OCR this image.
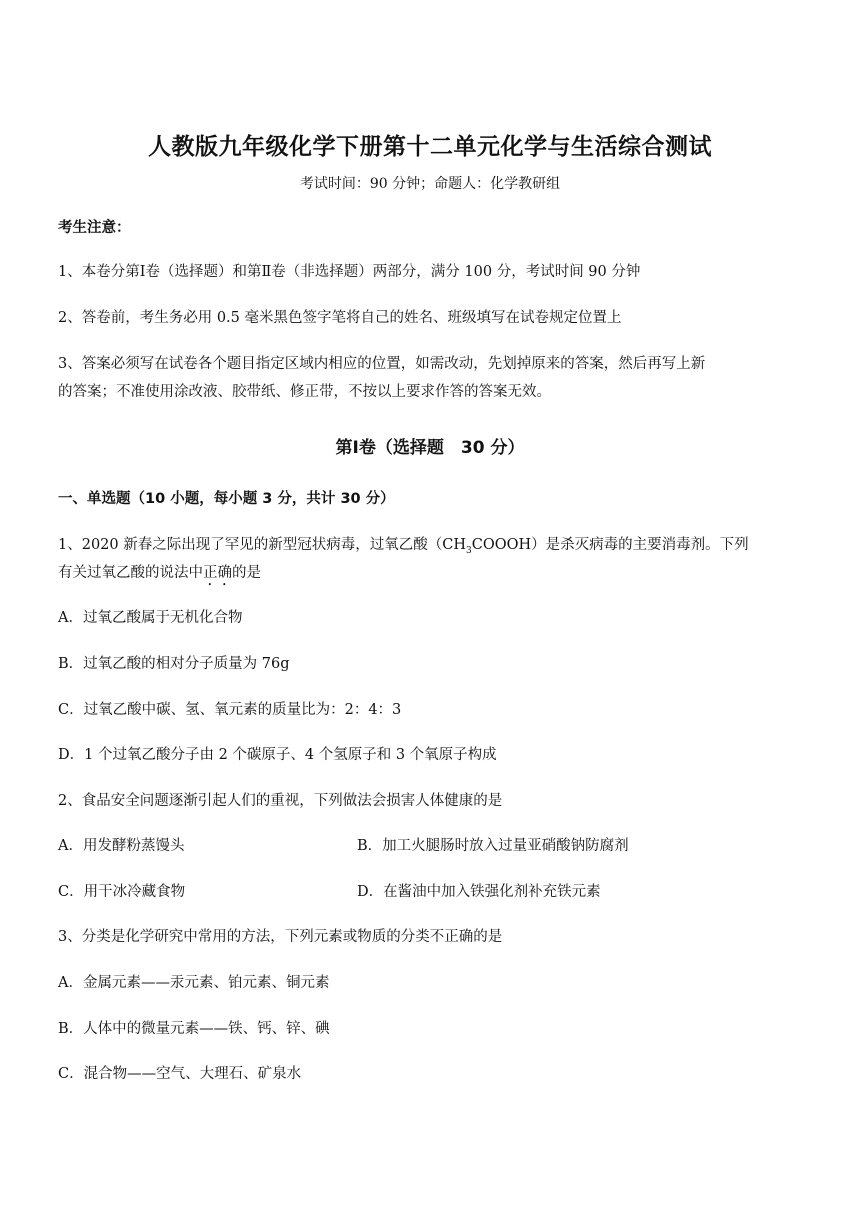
人教版九年级化学下册第十二单元化学与生活综合测试
考试时间：90 分钟；命题人：化学教研组
考生注意：
1、本卷分第Ⅰ卷（选择题）和第Ⅱ卷（非选择题）两部分，满分 100 分，考试时间 90 分钟
2、答卷前，考生务必用 0.5 毫米黑色签字笔将自己的姓名、班级填写在试卷规定位置上
3、答案必须写在试卷各个题目指定区域内相应的位置，如需改动，先划掉原来的答案，然后再写上新
的答案；不准使用涂改液、胶带纸、修正带，不按以上要求作答的答案无效。
第Ⅰ卷（选择题　30 分）
一、单选题（10 小题，每小题 3 分，共计 30 分）
1、2020 新春之际出现了罕见的新型冠状病毒，过氧乙酸$(CH_3COOOH)$是杀灭病毒的主要消毒剂。下列
有关过氧乙酸的说法中正确的是
A．过氧乙酸属于无机化合物
B．过氧乙酸的相对分子质量为 76g
C．过氧乙酸中碳、氢、氧元素的质量比为：2：4：3
D．1 个过氧乙酸分子由 2 个碳原子、4 个氢原子和 3 个氧原子构成
2、食品安全问题逐渐引起人们的重视，下列做法会损害人体健康的是
A．用发酵粉蒸馒头	B．加工火腿肠时放入过量亚硝酸钠防腐剂
C．用干冰冷藏食物	D．在酱油中加入铁强化剂补充铁元素
3、分类是化学研究中常用的方法，下列元素或物质的分类不正确的是
A．金属元素——汞元素、铂元素、铜元素
B．人体中的微量元素——铁、钙、锌、碘
C．混合物——空气、大理石、矿泉水
